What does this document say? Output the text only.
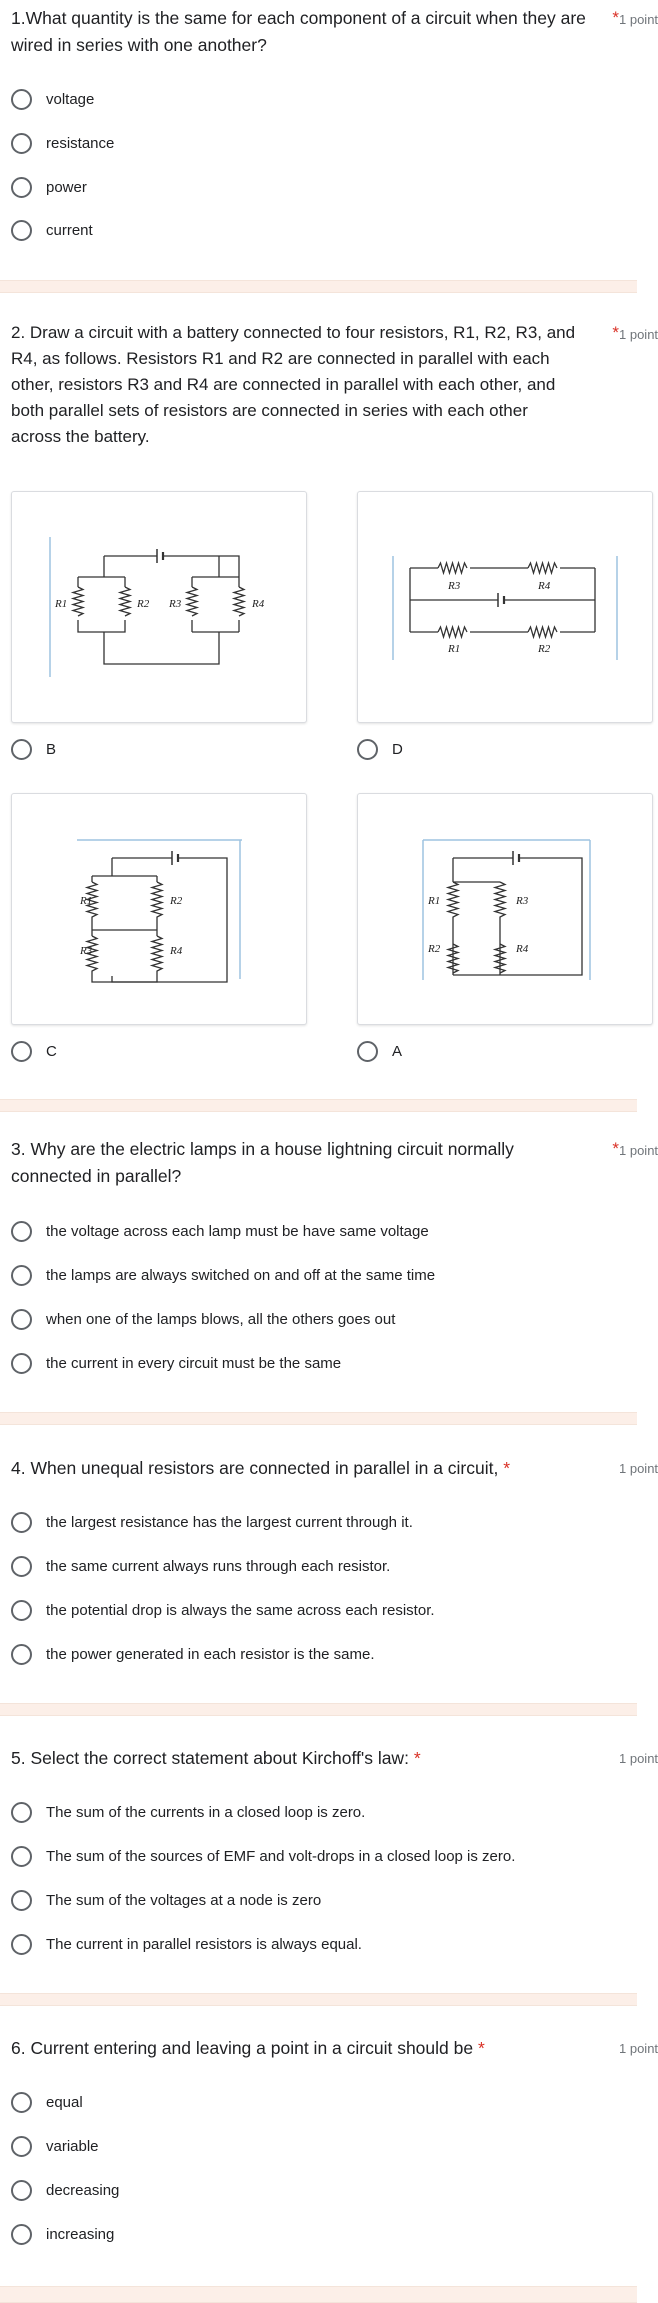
1.What quantity is the same for each component of a circuit when they are
wired in series with one another?
* 1 point
voltage
resistance
power
current
2. Draw a circuit with a battery connected to four resistors, R1, R2, R3, and
R4, as follows. Resistors R1 and R2 are connected in parallel with each
other, resistors R3 and R4 are connected in parallel with each other, and
both parallel sets of resistors are connected in series with each other
across the battery.
* 1 point
R1	R2 R3	R4
B
R3	R4
R1	R2
D
R1	R2
R3	R4
C
R1	R3
R2	R4
A
3. Why are the electric lamps in a house lightning circuit normally
connected in parallel?
* 1 point
the voltage across each lamp must be have same voltage
the lamps are always switched on and off at the same time
when one of the lamps blows, all the others goes out
the current in every circuit must be the same
4. When unequal resistors are connected in parallel in a circuit, *	1 point
the largest resistance has the largest current through it.
the same current always runs through each resistor.
the potential drop is always the same across each resistor.
the power generated in each resistor is the same.
5. Select the correct statement about Kirchoff's law: *	1 point
The sum of the currents in a closed loop is zero.
The sum of the sources of EMF and volt-drops in a closed loop is zero.
The sum of the voltages at a node is zero
The current in parallel resistors is always equal.
6. Current entering and leaving a point in a circuit should be *	1 point
equal
variable
decreasing
increasing
